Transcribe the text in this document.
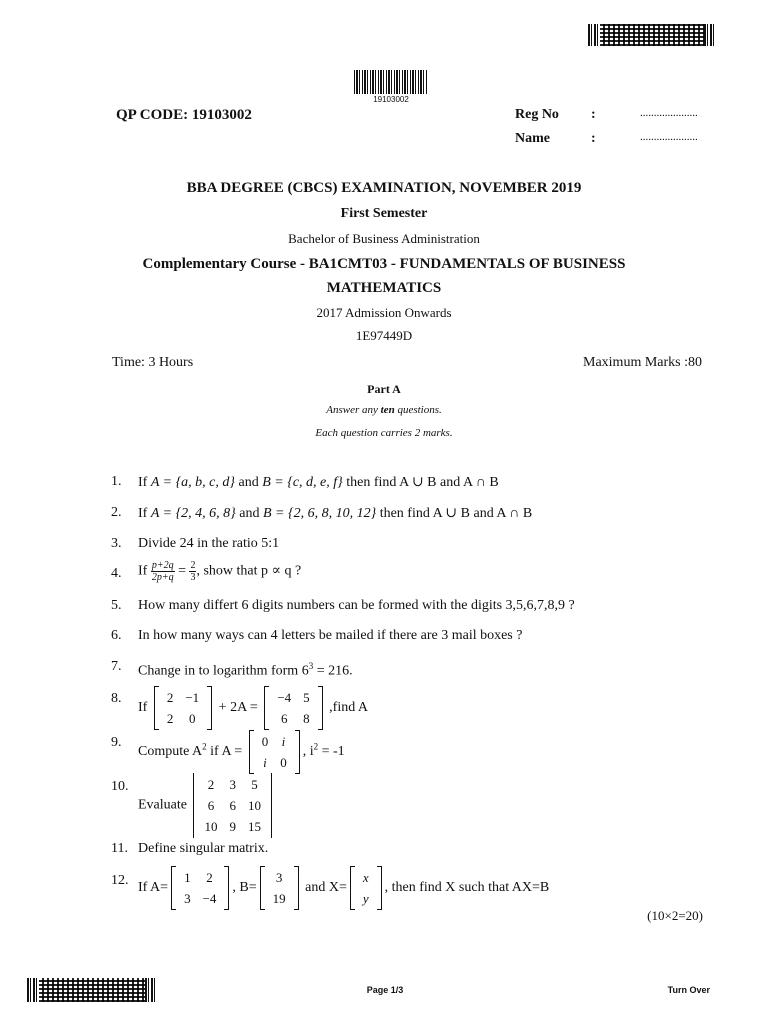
19103002
QP CODE: 19103002	Reg No :	.....................
Name	:	.....................
BBA DEGREE (CBCS) EXAMINATION, NOVEMBER 2019
First Semester
Bachelor of Business Administration
Complementary Course - BA1CMT03 - FUNDAMENTALS OF BUSINESS
MATHEMATICS
2017 Admission Onwards
1E97449D
Time: 3 Hours	Maximum Marks :80
Part A
Answer any ten questions.
Each question carries 2 marks.
1. If A = {a, b, c, d} and B = {c, d, e, f} then find A ∪ B and A ∩ B
2. If A = {2, 4, 6, 8} and B = {2, 6, 8, 10, 12} then find A ∪ B and A ∩ B
3. Divide 24 in the ratio 5:1
4. If $\frac{p+2q}{2p+q} = \frac{2}{3}$ , show that p ∝ q ?
5. How many differt 6 digits numbers can be formed with the digits 3,5,6,7,8,9 ?
6. In how many ways can 4 letters be mailed if there are 3 mail boxes ?
7. Change in to logarithm form $6^3 = 216$.
8.
If
2	−1
2	0
+ 2A =
−4	5
6	8
,find A
9.
Compute $A^2$ if A =
0	i
i	0
, $i^2 = -1$
10.
Evaluate
2	3	5
6	6	10
10	9	15
11. Define singular matrix.
12. If A=
1	2
3	−4
, B=
3
19
and X=
x
y
, then find X such that AX=B
(10×2=20)
Page 1/3	Turn Over
